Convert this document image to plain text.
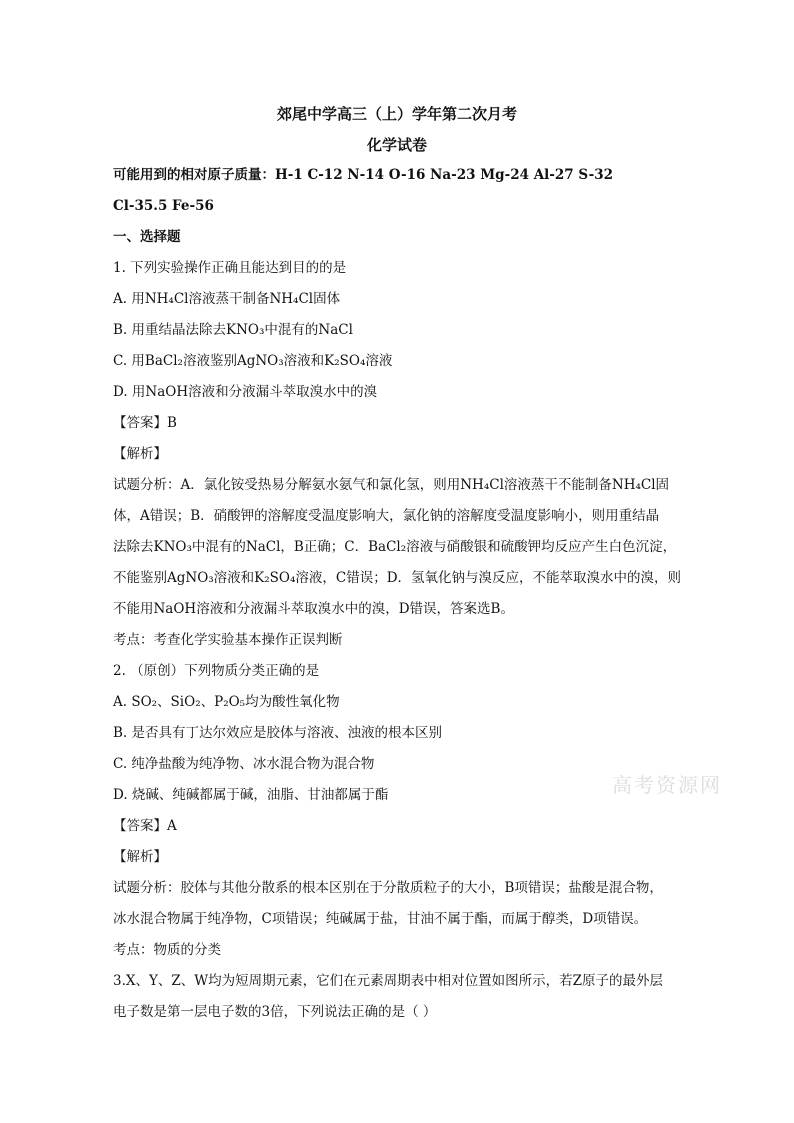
郊尾中学高三（上）学年第二次月考
化学试卷
可能用到的相对原子质量：H-1 C-12 N-14 O-16 Na-23 Mg-24 Al-27 S-32
Cl-35.5 Fe-56
一、选择题
1. 下列实验操作正确且能达到目的的是
A. 用NH₄Cl溶液蒸干制备NH₄Cl固体
B. 用重结晶法除去KNO₃中混有的NaCl
C. 用BaCl₂溶液鉴别AgNO₃溶液和K₂SO₄溶液
D. 用NaOH溶液和分液漏斗萃取溴水中的溴
【答案】B
【解析】
试题分析：A．氯化铵受热易分解氨水氨气和氯化氢，则用NH₄Cl溶液蒸干不能制备NH₄Cl固
体，A错误；B．硝酸钾的溶解度受温度影响大，氯化钠的溶解度受温度影响小，则用重结晶
法除去KNO₃中混有的NaCl，B正确；C．BaCl₂溶液与硝酸银和硫酸钾均反应产生白色沉淀，
不能鉴别AgNO₃溶液和K₂SO₄溶液，C错误；D．氢氧化钠与溴反应，不能萃取溴水中的溴，则
不能用NaOH溶液和分液漏斗萃取溴水中的溴，D错误，答案选B。
考点：考查化学实验基本操作正误判断
2. （原创）下列物质分类正确的是
A. SO₂、SiO₂、P₂O₅均为酸性氧化物
B. 是否具有丁达尔效应是胶体与溶液、浊液的根本区别
C. 纯净盐酸为纯净物、冰水混合物为混合物
D. 烧碱、纯碱都属于碱，油脂、甘油都属于酯
【答案】A
【解析】
试题分析：胶体与其他分散系的根本区别在于分散质粒子的大小，B项错误；盐酸是混合物，
冰水混合物属于纯净物，C项错误；纯碱属于盐，甘油不属于酯，而属于醇类，D项错误。
考点：物质的分类
3.X、Y、Z、W均为短周期元素，它们在元素周期表中相对位置如图所示，若Z原子的最外层
电子数是第一层电子数的3倍，下列说法正确的是（ ）
高考资源网
